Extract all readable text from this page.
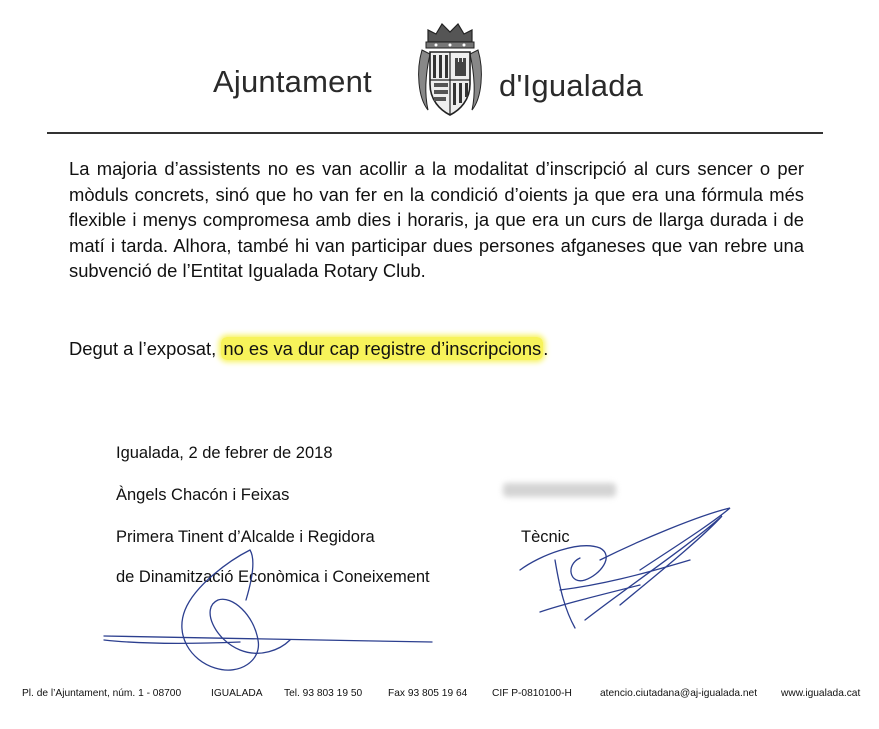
Ajuntament	d'Igualada

La majoria d’assistents no es van acollir a la modalitat d’inscripció al curs sencer o per mòduls concrets, sinó que ho van fer en la condició d’oients ja que era una fórmula més flexible i menys compromesa amb dies i horaris, ja que era un curs de llarga durada i de matí i tarda. Alhora, també hi van participar dues persones afganeses que van rebre una subvenció de l’Entitat Igualada Rotary Club.

Degut a l’exposat, no es va dur cap registre d’inscripcions .
Igualada, 2 de febrer de 2018
Àngels Chacón i Feixas
Primera Tinent d’Alcalde i Regidora
de Dinamització Econòmica i Coneixement
Tècnic
Pl. de l’Ajuntament, núm. 1 - 08700	IGUALADA Tel. 93 803 19 50	Fax 93 805 19 64 CIF P-0810100-H	atencio.ciutadana@aj-igualada.net www.igualada.cat
